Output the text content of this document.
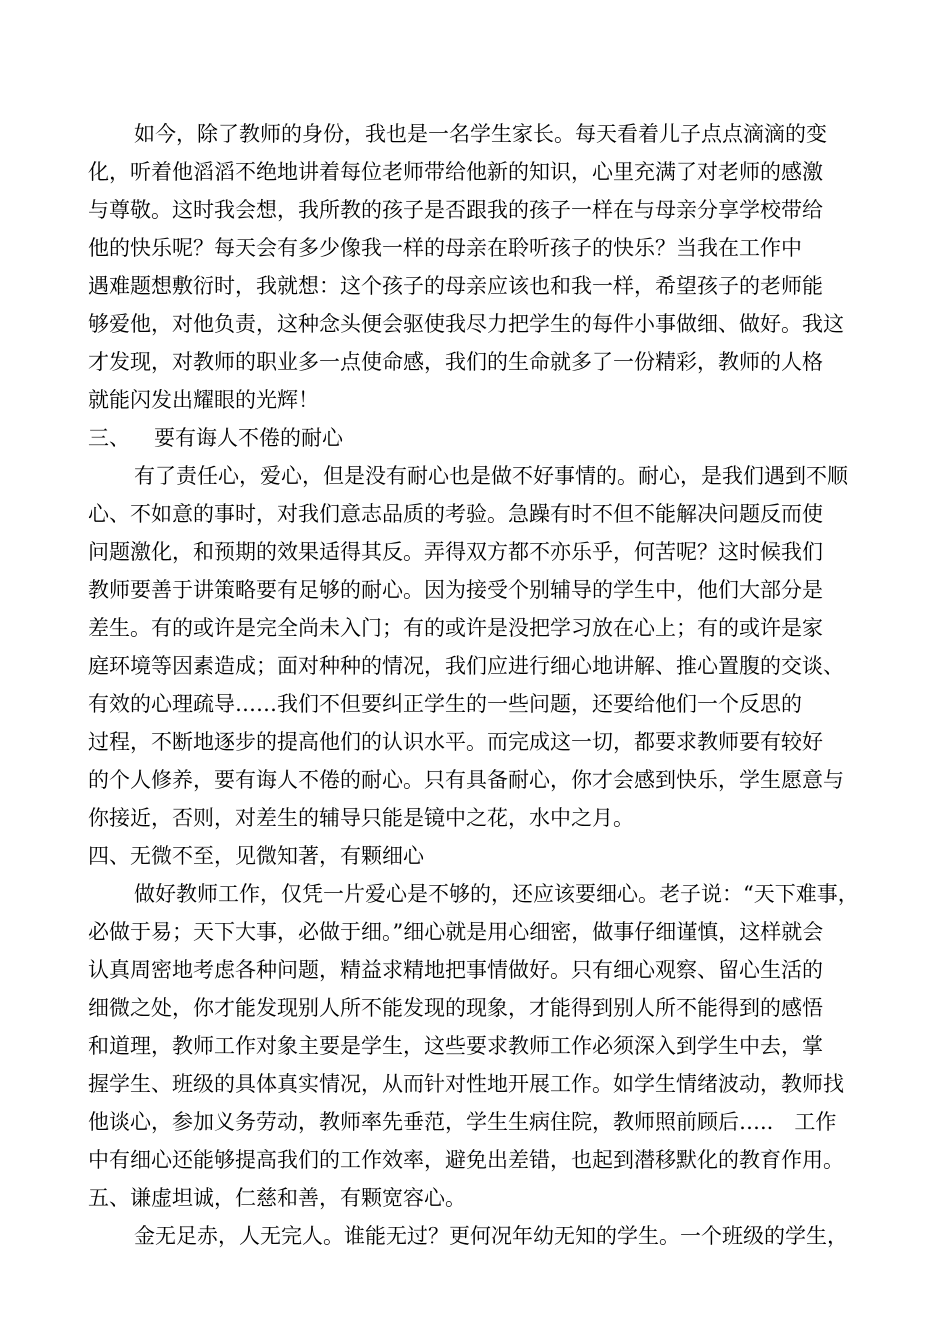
如今，除了教师的身份，我也是一名学生家长。每天看着儿子点点滴滴的变
化，听着他滔滔不绝地讲着每位老师带给他新的知识，心里充满了对老师的感激
与尊敬。这时我会想，我所教的孩子是否跟我的孩子一样在与母亲分享学校带给
他的快乐呢？每天会有多少像我一样的母亲在聆听孩子的快乐？当我在工作中
遇难题想敷衍时，我就想：这个孩子的母亲应该也和我一样，希望孩子的老师能
够爱他，对他负责，这种念头便会驱使我尽力把学生的每件小事做细、做好。我这
才发现，对教师的职业多一点使命感，我们的生命就多了一份精彩，教师的人格
就能闪发出耀眼的光辉！
三、 要有诲人不倦的耐心
有了责任心，爱心，但是没有耐心也是做不好事情的。耐心，是我们遇到不顺
心、不如意的事时，对我们意志品质的考验。急躁有时不但不能解决问题反而使
问题激化，和预期的效果适得其反。弄得双方都不亦乐乎，何苦呢？这时候我们
教师要善于讲策略要有足够的耐心。因为接受个别辅导的学生中，他们大部分是
差生。有的或许是完全尚未入门；有的或许是没把学习放在心上；有的或许是家
庭环境等因素造成；面对种种的情况，我们应进行细心地讲解、推心置腹的交谈、
有效的心理疏导……我们不但要纠正学生的一些问题，还要给他们一个反思的
过程，不断地逐步的提高他们的认识水平。而完成这一切，都要求教师要有较好
的个人修养，要有诲人不倦的耐心。只有具备耐心，你才会感到快乐，学生愿意与
你接近，否则，对差生的辅导只能是镜中之花，水中之月。
四、无微不至，见微知著，有颗细心
做好教师工作，仅凭一片爱心是不够的，还应该要细心。老子说：“天下难事，
必做于易；天下大事，必做于细。”细心就是用心细密，做事仔细谨慎，这样就会
认真周密地考虑各种问题，精益求精地把事情做好。只有细心观察、留心生活的
细微之处，你才能发现别人所不能发现的现象，才能得到别人所不能得到的感悟
和道理，教师工作对象主要是学生，这些要求教师工作必须深入到学生中去，掌
握学生、班级的具体真实情况，从而针对性地开展工作。如学生情绪波动，教师找
他谈心，参加义务劳动，教师率先垂范，学生生病住院，教师照前顾后…..　工作
中有细心还能够提高我们的工作效率，避免出差错，也起到潜移默化的教育作用。
五、谦虚坦诚，仁慈和善，有颗宽容心。
金无足赤，人无完人。谁能无过？更何况年幼无知的学生。一个班级的学生，
